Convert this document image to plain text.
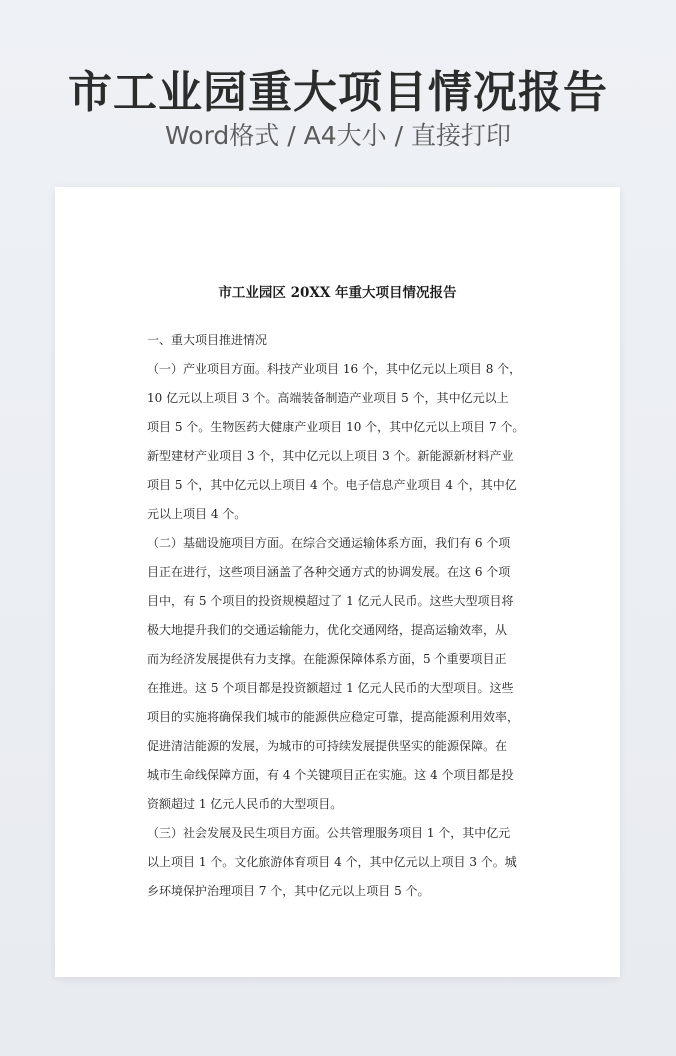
市工业园重大项目情况报告
Word格式 / A4大小 / 直接打印
市工业园区 20XX 年重大项目情况报告
一、重大项目推进情况
（一）产业项目方面。科技产业项目 16 个，其中亿元以上项目 8 个，
10 亿元以上项目 3 个。高端装备制造产业项目 5 个，其中亿元以上
项目 5 个。生物医药大健康产业项目 10 个，其中亿元以上项目 7 个。
新型建材产业项目 3 个，其中亿元以上项目 3 个。新能源新材料产业
项目 5 个，其中亿元以上项目 4 个。电子信息产业项目 4 个，其中亿
元以上项目 4 个。
（二）基础设施项目方面。在综合交通运输体系方面，我们有 6 个项
目正在进行，这些项目涵盖了各种交通方式的协调发展。在这 6 个项
目中，有 5 个项目的投资规模超过了 1 亿元人民币。这些大型项目将
极大地提升我们的交通运输能力，优化交通网络，提高运输效率，从
而为经济发展提供有力支撑。在能源保障体系方面，5 个重要项目正
在推进。这 5 个项目都是投资额超过 1 亿元人民币的大型项目。这些
项目的实施将确保我们城市的能源供应稳定可靠，提高能源利用效率，
促进清洁能源的发展，为城市的可持续发展提供坚实的能源保障。在
城市生命线保障方面，有 4 个关键项目正在实施。这 4 个项目都是投
资额超过 1 亿元人民币的大型项目。
（三）社会发展及民生项目方面。公共管理服务项目 1 个，其中亿元
以上项目 1 个。文化旅游体育项目 4 个，其中亿元以上项目 3 个。城
乡环境保护治理项目 7 个，其中亿元以上项目 5 个。
